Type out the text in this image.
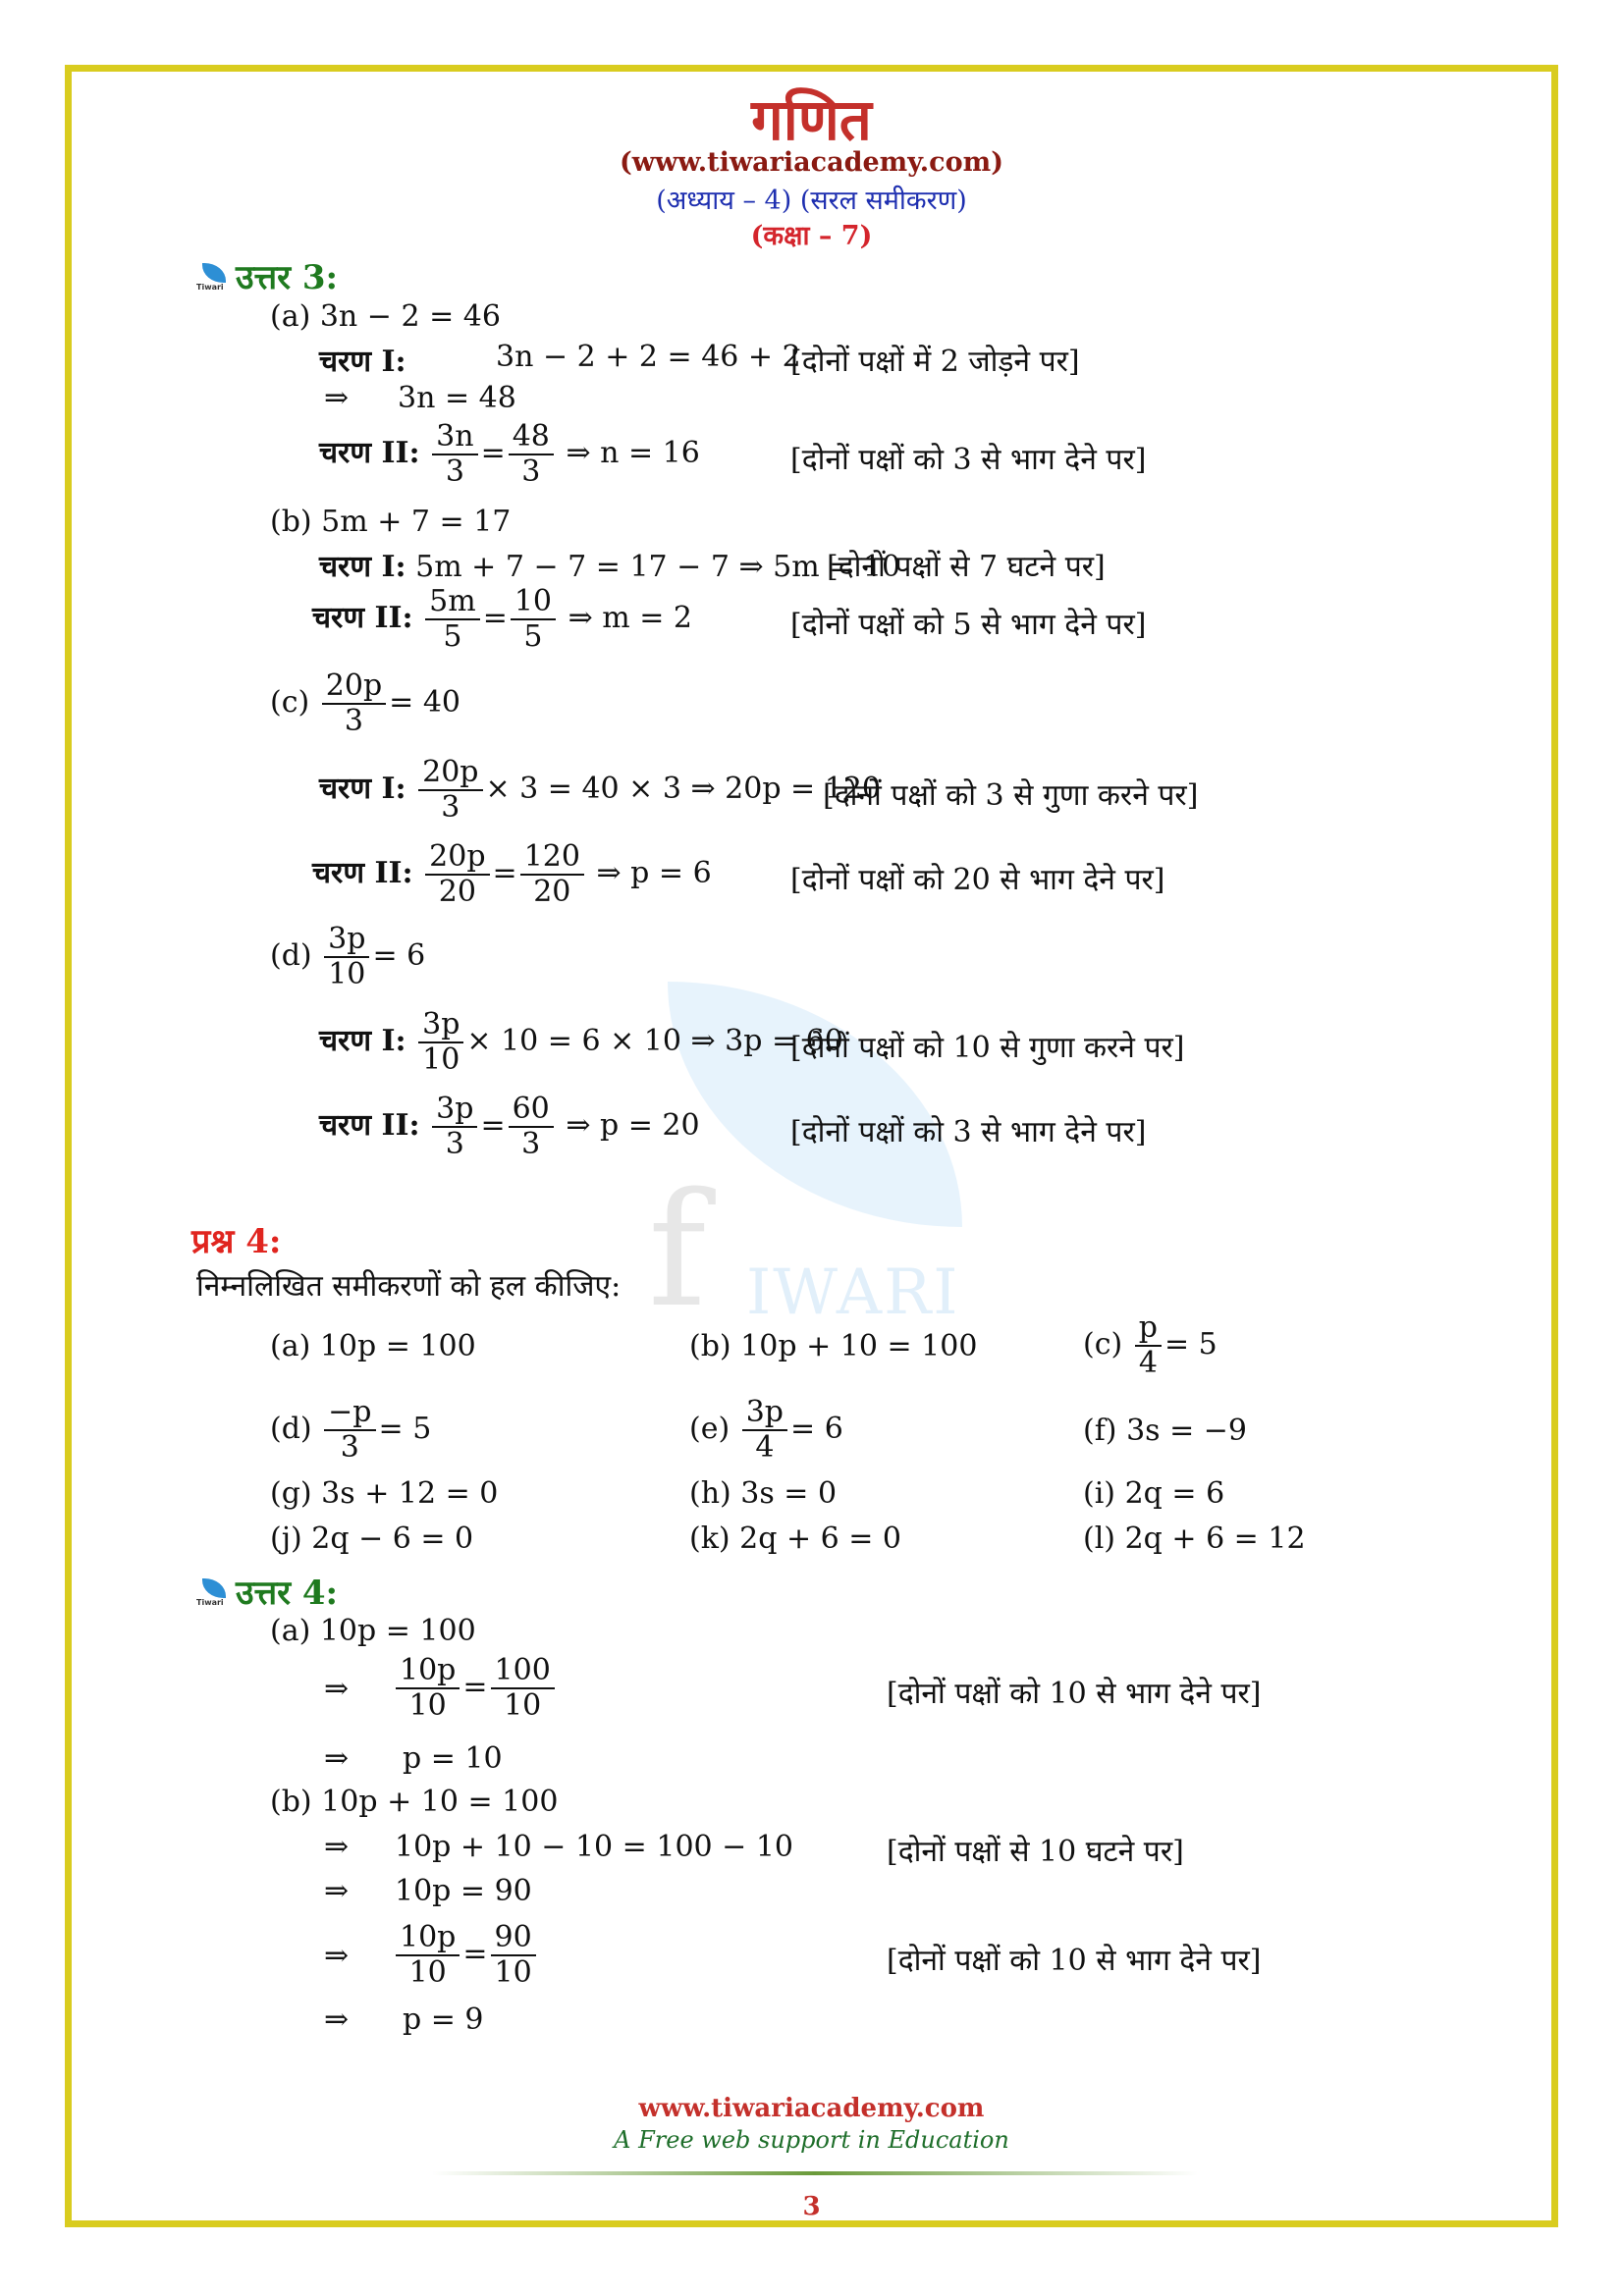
f IWARI
गणित
(www.tiwariacademy.com)
(अध्याय – 4) (सरल समीकरण)
(कक्षा – 7)
Tiwari उत्तर 3:
(a) 3n − 2 = 46
चरण I:	3n − 2 + 2 = 46 + 2
[दोनों पक्षों में 2 जोड़ने पर]
⇒ 3n = 48
चरण II: $\frac{3n}{3} = \frac{48}{3}$ ⇒ n = 16	[दोनों पक्षों को 3 से भाग देने पर]
(b) 5m + 7 = 17
चरण I: 5m + 7 − 7 = 17 − 7 ⇒ 5m = 10
[दोनों पक्षों से 7 घटने पर]
चरण II: $\frac{5m}{5} = \frac{10}{5}$ ⇒ m = 2	[दोनों पक्षों को 5 से भाग देने पर]
$(c) \frac{20p}{3} = 40$
चरण I: $\frac{20p}{3} \times 3 = 40 \times 3$ ⇒ 20p = 120
[दोनों पक्षों को 3 से गुणा करने पर]
चरण II: $\frac{20p}{20} = \frac{120}{20}$ ⇒ p = 6	[दोनों पक्षों को 20 से भाग देने पर]
$(d) \frac{3p}{10} = 6$
चरण I: $\frac{3p}{10} \times 10 = 6 \times 10$ ⇒ 3p = 60
[दोनों पक्षों को 10 से गुणा करने पर]
चरण II: $\frac{3p}{3} = \frac{60}{3}$ ⇒ p = 20	[दोनों पक्षों को 3 से भाग देने पर]
प्रश्न 4:
निम्नलिखित समीकरणों को हल कीजिए:
(a) 10p = 100	(b) 10p + 10 = 100	$(c) \frac{p}{4} = 5$
$(d) \frac{-p}{3} = 5$	$(e) \frac{3p}{4} = 6$	(f) 3s = −9
(g) 3s + 12 = 0	(h) 3s = 0	(i) 2q = 6
(j) 2q − 6 = 0	(k) 2q + 6 = 0	(l) 2q + 6 = 12
Tiwari उत्तर 4:
(a) 10p = 100
⇒ $\frac{10p}{10} = \frac{100}{10}$	[दोनों पक्षों को 10 से भाग देने पर]
⇒ p = 10
(b) 10p + 10 = 100
⇒ 10p + 10 − 10 = 100 − 10	[दोनों पक्षों से 10 घटने पर]
⇒ 10p = 90
⇒ $\frac{10p}{10} = \frac{90}{10}$	[दोनों पक्षों को 10 से भाग देने पर]
⇒ p = 9
www.tiwariacademy.com
A Free web support in Education
3
